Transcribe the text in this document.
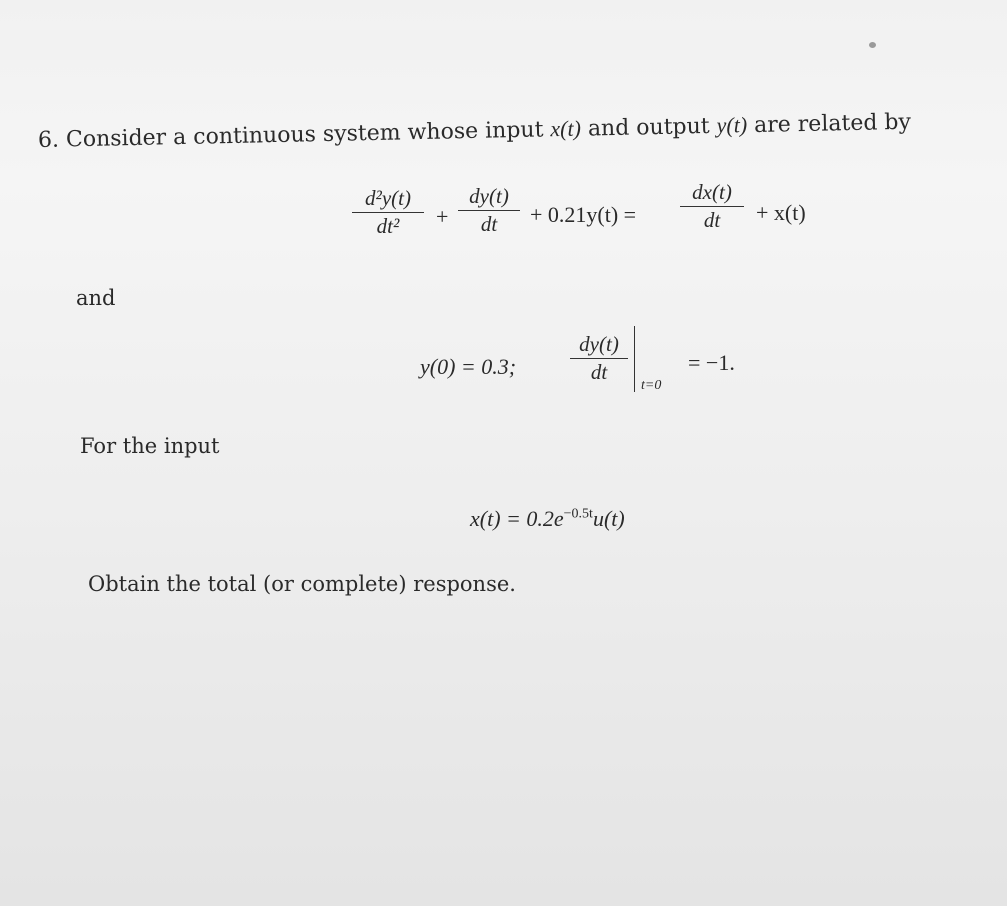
6. Consider a continuous system whose input x(t) and output y(t) are related by
d²y(t)
dt²	+
dy(t)
dt	+ 0.21y(t) =
dx(t)
dt	+ x(t)
and
y(0) = 0.3;
dy(t)
dt
t=0
= −1.
For the input
$x(t) = 0.2e^{-0.5t}u(t)$
Obtain the total (or complete) response.
